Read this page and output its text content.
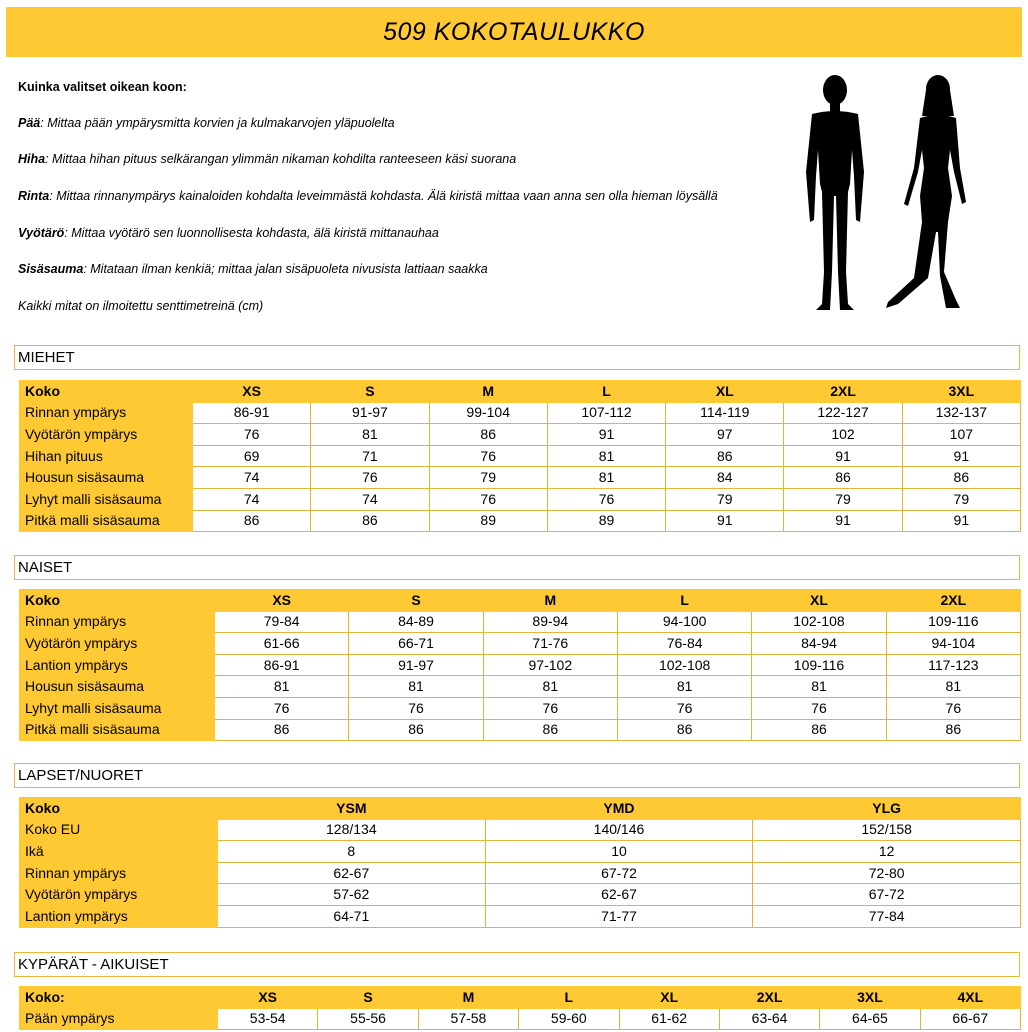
509 KOKOTAULUKKO
Kuinka valitset oikean koon:
Pää: Mittaa pään ympärysmitta korvien ja kulmakarvojen yläpuolelta
Hiha: Mittaa hihan pituus selkärangan ylimmän nikaman kohdilta ranteeseen käsi suorana
Rinta: Mittaa rinnanympärys kainaloiden kohdalta leveimmästä kohdasta. Älä kiristä mittaa vaan anna sen olla hieman löysällä
Vyötärö: Mittaa vyötärö sen luonnollisesta kohdasta, älä kiristä mittanauhaa
Sisäsauma: Mitataan ilman kenkiä; mittaa jalan sisäpuoleta nivusista lattiaan saakka
Kaikki mitat on ilmoitettu senttimetreinä (cm)
MIEHET
Koko	XS	S	M	L	XL	2XL	3XL
Rinnan ympärys	86-91	91-97	99-104	107-112	114-119	122-127	132-137
Vyötärön ympärys	76	81	86	91	97	102	107
Hihan pituus	69	71	76	81	86	91	91
Housun sisäsauma	74	76	79	81	84	86	86
Lyhyt malli sisäsauma	74	74	76	76	79	79	79
Pitkä malli sisäsauma	86	86	89	89	91	91	91
NAISET
Koko	XS	S	M	L	XL	2XL
Rinnan ympärys	79-84	84-89	89-94	94-100	102-108	109-116
Vyötärön ympärys	61-66	66-71	71-76	76-84	84-94	94-104
Lantion ympärys	86-91	91-97	97-102	102-108	109-116	117-123
Housun sisäsauma	81	81	81	81	81	81
Lyhyt malli sisäsauma	76	76	76	76	76	76
Pitkä malli sisäsauma	86	86	86	86	86	86
LAPSET/NUORET
Koko	YSM	YMD	YLG
Koko EU	128/134	140/146	152/158
Ikä	8	10	12
Rinnan ympärys	62-67	67-72	72-80
Vyötärön ympärys	57-62	62-67	67-72
Lantion ympärys	64-71	71-77	77-84
KYPÄRÄT - AIKUISET
Koko:	XS	S	M	L	XL	2XL	3XL	4XL
Pään ympärys	53-54	55-56	57-58	59-60	61-62	63-64	64-65	66-67
